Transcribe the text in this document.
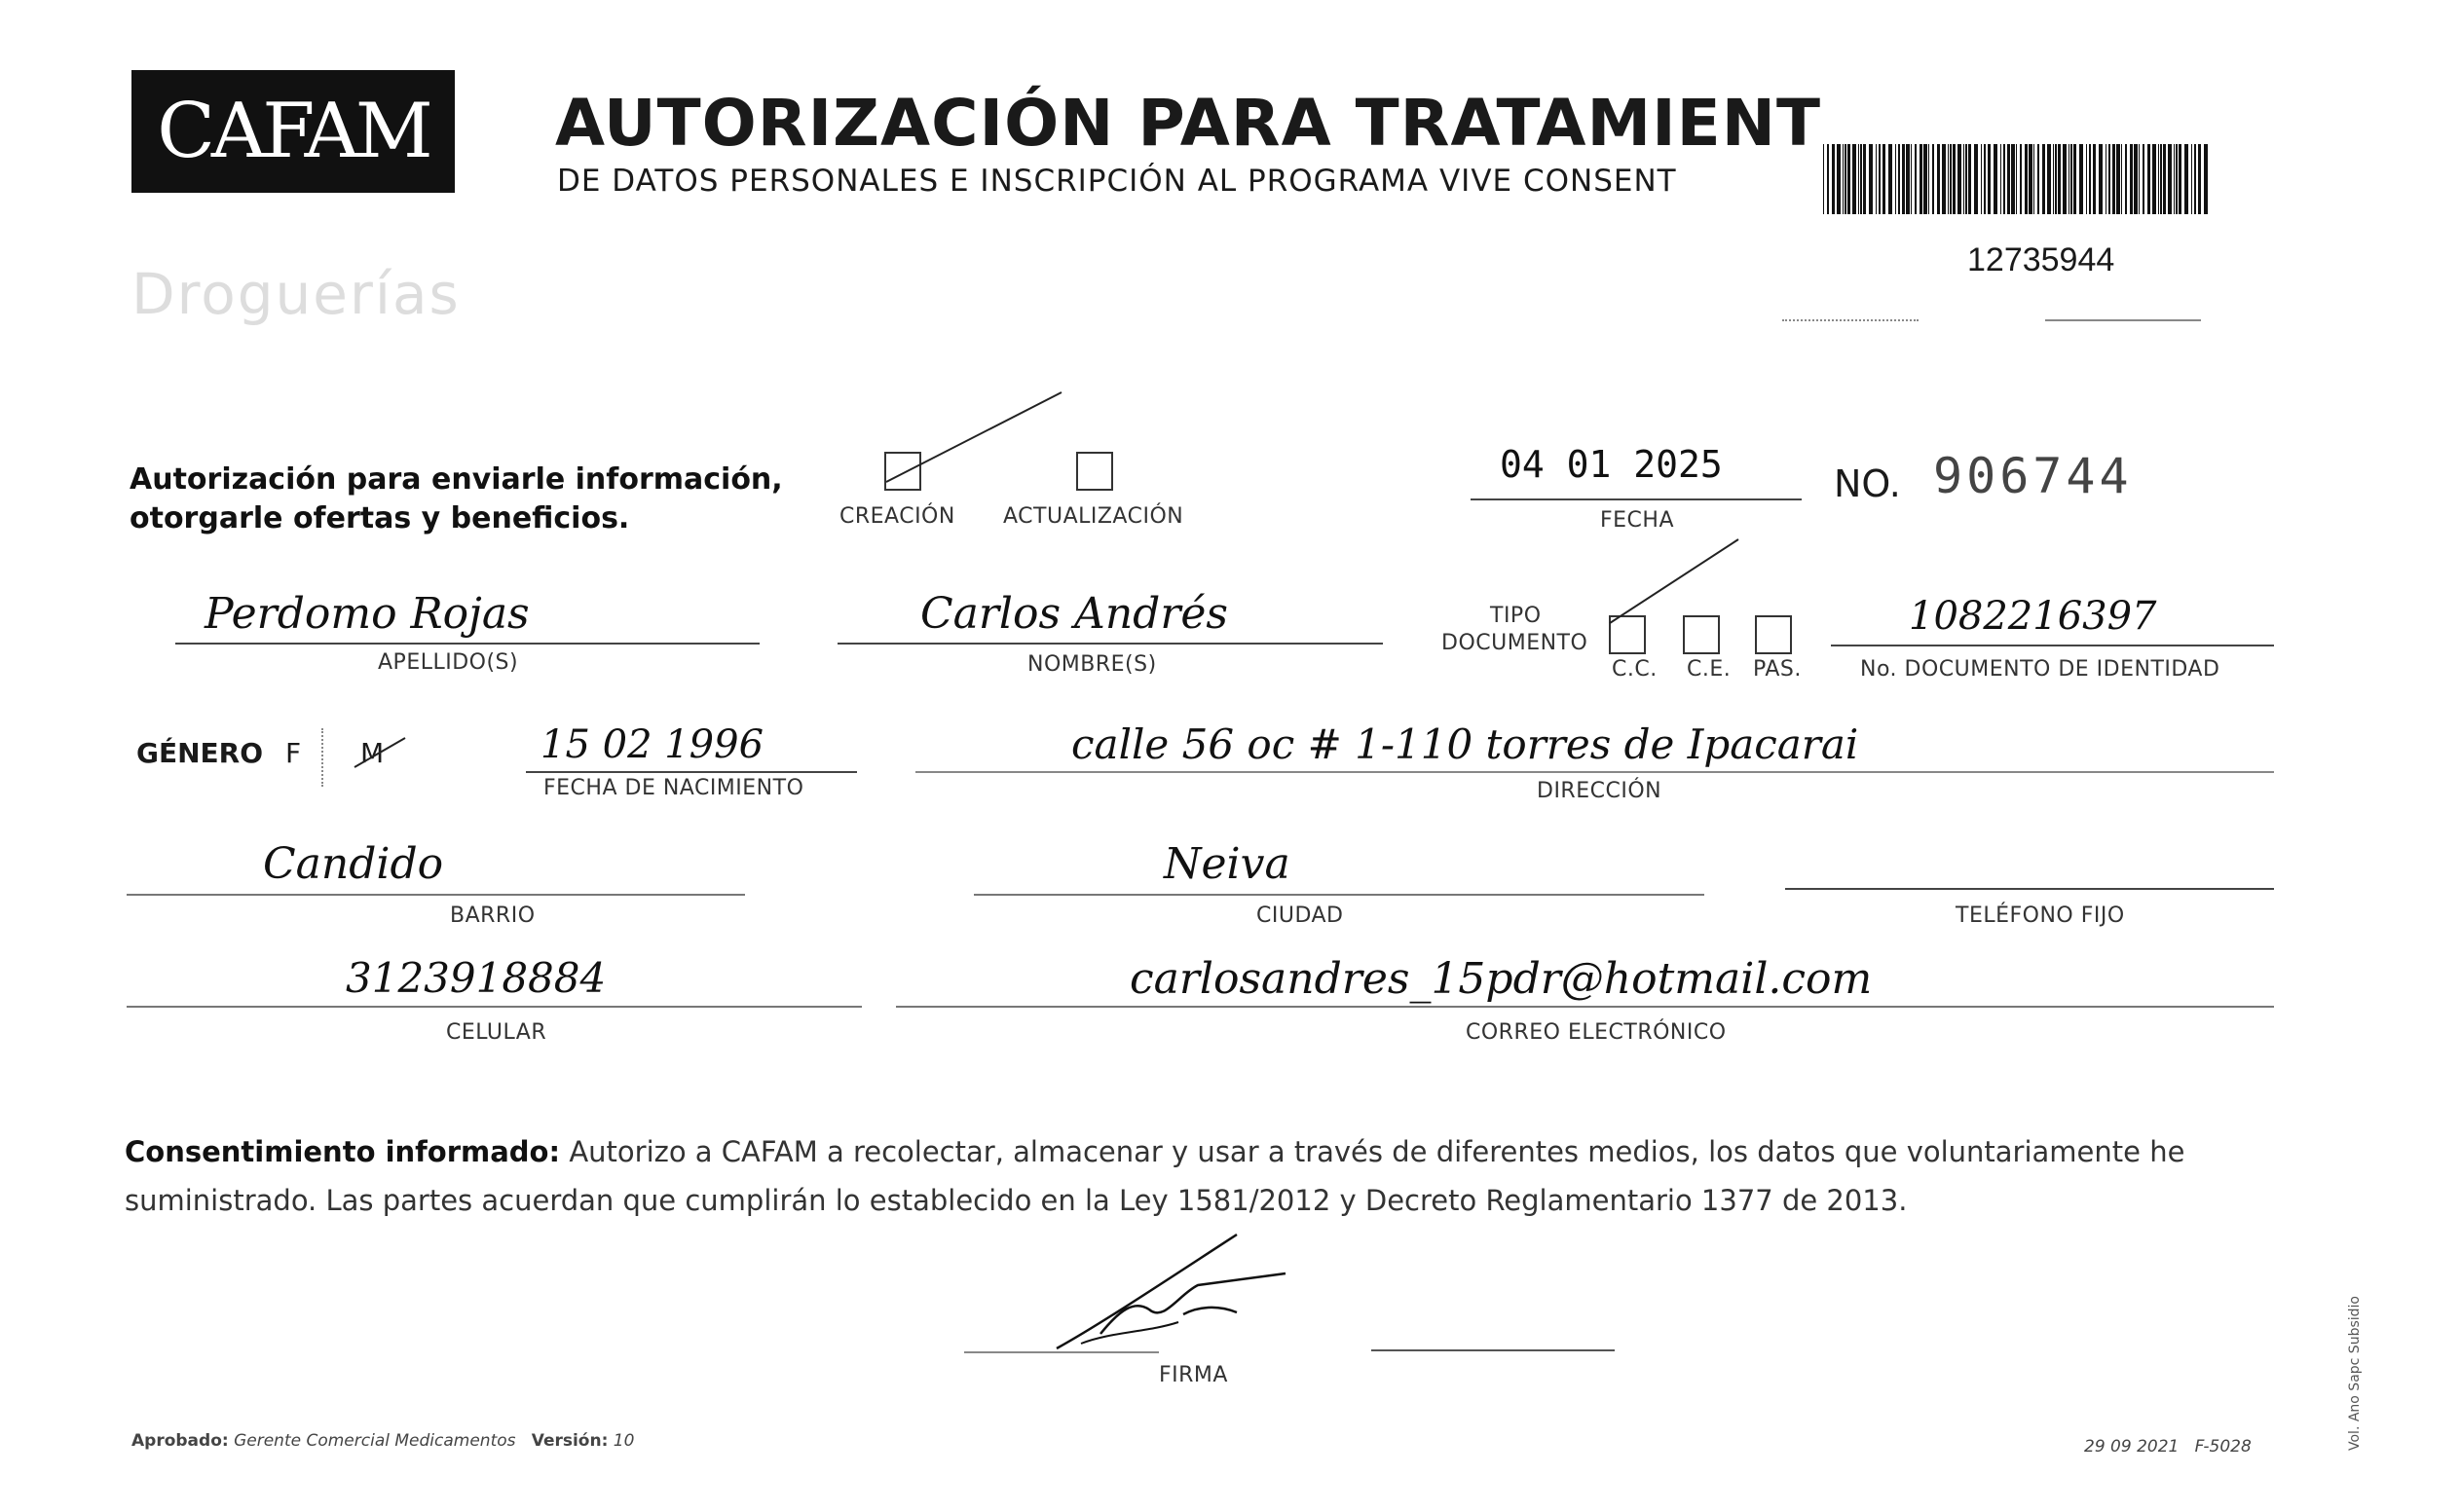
CAFAM
Droguerías
AUTORIZACIÓN PARA TRATAMIENT
DE DATOS PERSONALES E INSCRIPCIÓN AL PROGRAMA VIVE CONSENT
12735944
Autorización para enviarle información, otorgarle ofertas y beneficios.	CREACIÓN ACTUALIZACIÓN
04 01 2025
FECHA
NO. 906744
Perdomo Rojas
APELLIDO(S)
Carlos Andrés
NOMBRE(S)
TIPO
DOCUMENTO
C.C. C.E. PAS.
1082216397
No. DOCUMENTO DE IDENTIDAD
GÉNERO F M	15 02 1996
FECHA DE NACIMIENTO
calle 56 oc # 1-110 torres de Ipacarai
DIRECCIÓN
Candido
BARRIO
Neiva
CIUDAD	TELÉFONO FIJO
3123918884
CELULAR
carlosandres_15pdr@hotmail.com
CORREO ELECTRÓNICO
Consentimiento informado: Autorizo a CAFAM a recolectar, almacenar y usar a través de diferentes medios, los datos que voluntariamente he suministrado. Las partes acuerdan que cumplirán lo establecido en la Ley 1581/2012 y Decreto Reglamentario 1377 de 2013.
FIRMA
Aprobado: Gerente Comercial Medicamentos Versión: 10	29 09 2021 F-5028	Vol. Ano Sapc Subsidio
